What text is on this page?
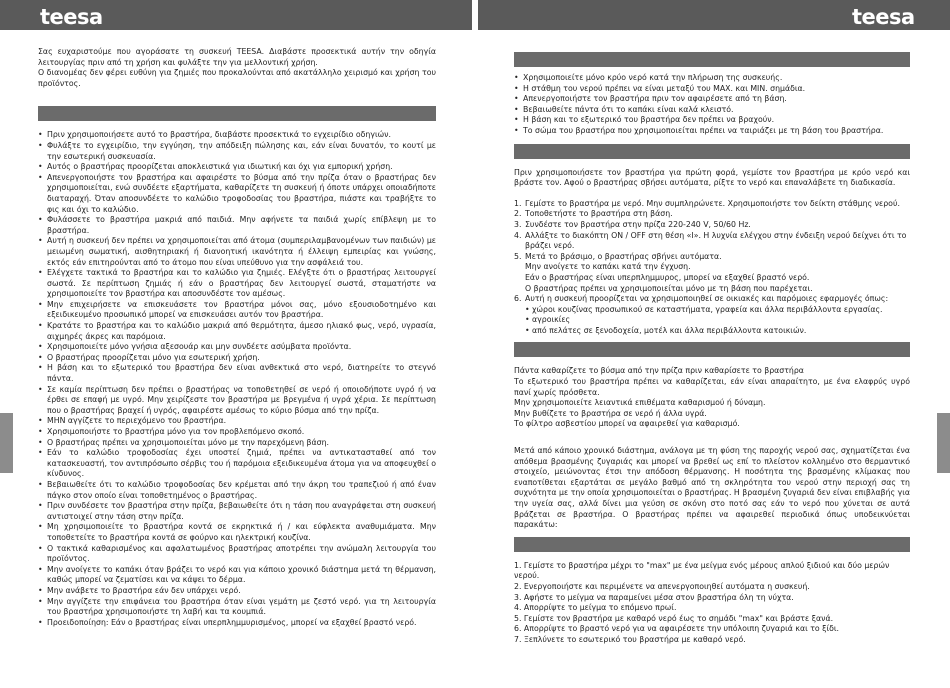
teesa	teesa

Σας ευχαριστούμε που αγοράσατε τη συσκευή TEESA. Διαβάστε προσεκτικά αυτήν την οδηγία λειτουργίας πριν από τη χρήση και φυλάξτε την για μελλοντική χρήση.

Ο διανομέας δεν φέρει ευθύνη για ζημιές που προκαλούνται από ακατάλληλο χειρισμό και χρήση του προϊόντος.

• Πριν χρησιμοποιήσετε αυτό το βραστήρα, διαβάστε προσεκτικά το εγχειρίδιο οδηγιών.
• Φυλάξτε το εγχειρίδιο, την εγγύηση, την απόδειξη πώλησης και, εάν είναι δυνατόν, το κουτί με την εσωτερική συσκευασία.
• Αυτός ο βραστήρας προορίζεται αποκλειστικά για ιδιωτική και όχι για εμπορική χρήση.
• Απενεργοποιήστε τον βραστήρα και αφαιρέστε το βύσμα από την πρίζα όταν ο βραστήρας δεν χρησιμοποιείται, ενώ συνδέετε εξαρτήματα, καθαρίζετε τη συσκευή ή όποτε υπάρχει οποιαδήποτε διαταραχή. Όταν αποσυνδέετε το καλώδιο τροφοδοσίας του βραστήρα, πιάστε και τραβήξτε το φις και όχι το καλώδιο.
• Φυλάσσετε το βραστήρα μακριά από παιδιά. Μην αφήνετε τα παιδιά χωρίς επίβλεψη με το βραστήρα.
• Αυτή η συσκευή δεν πρέπει να χρησιμοποιείται από άτομα (συμπεριλαμβανομένων των παιδιών) με μειωμένη σωματική, αισθητηριακή ή διανοητική ικανότητα ή έλλειψη εμπειρίας και γνώσης, εκτός εάν επιτηρούνται από το άτομο που είναι υπεύθυνο για την ασφάλειά του.
• Ελέγχετε τακτικά το βραστήρα και το καλώδιο για ζημιές. Ελέγξτε ότι ο βραστήρας λειτουργεί σωστά. Σε περίπτωση ζημιάς ή εάν ο βραστήρας δεν λειτουργεί σωστά, σταματήστε να χρησιμοποιείτε τον βραστήρα και αποσυνδέστε τον αμέσως.
• Μην επιχειρήσετε να επισκευάσετε τον βραστήρα μόνοι σας, μόνο εξουσιοδοτημένο και εξειδικευμένο προσωπικό μπορεί να επισκευάσει αυτόν τον βραστήρα.
• Κρατάτε το βραστήρα και το καλώδιο μακριά από θερμότητα, άμεσο ηλιακό φως, νερό, υγρασία, αιχμηρές άκρες και παρόμοια.
• Χρησιμοποιείτε μόνο γνήσια αξεσουάρ και μην συνδέετε ασύμβατα προϊόντα.
• Ο βραστήρας προορίζεται μόνο για εσωτερική χρήση.
• Η βάση και το εξωτερικό του βραστήρα δεν είναι ανθεκτικά στο νερό, διατηρείτε το στεγνό πάντα.
• Σε καμία περίπτωση δεν πρέπει ο βραστήρας να τοποθετηθεί σε νερό ή οποιοδήποτε υγρό ή να έρθει σε επαφή με υγρό. Μην χειρίζεστε τον βραστήρα με βρεγμένα ή υγρά χέρια. Σε περίπτωση που ο βραστήρας βραχεί ή υγρός, αφαιρέστε αμέσως το κύριο βύσμα από την πρίζα.
• ΜΗΝ αγγίζετε το περιεχόμενο του βραστήρα.
• Χρησιμοποιήστε το βραστήρα μόνο για τον προβλεπόμενο σκοπό.
• Ο βραστήρας πρέπει να χρησιμοποιείται μόνο με την παρεχόμενη βάση.
• Εάν το καλώδιο τροφοδοσίας έχει υποστεί ζημιά, πρέπει να αντικατασταθεί από τον κατασκευαστή, τον αντιπρόσωπο σέρβις του ή παρόμοια εξειδικευμένα άτομα για να αποφευχθεί ο κίνδυνος.
• Βεβαιωθείτε ότι το καλώδιο τροφοδοσίας δεν κρέμεται από την άκρη του τραπεζιού ή από έναν πάγκο στον οποίο είναι τοποθετημένος ο βραστήρας.
• Πριν συνδέσετε τον βραστήρα στην πρίζα, βεβαιωθείτε ότι η τάση που αναγράφεται στη συσκευή αντιστοιχεί στην τάση στην πρίζα.
• Μη χρησιμοποιείτε το βραστήρα κοντά σε εκρηκτικά ή / και εύφλεκτα αναθυμιάματα. Μην τοποθετείτε το βραστήρα κοντά σε φούρνο και ηλεκτρική κουζίνα.
• Ο τακτικά καθαρισμένος και αφαλατωμένος βραστήρας αποτρέπει την ανώμαλη λειτουργία του προϊόντος.
• Μην ανοίγετε το καπάκι όταν βράζει το νερό και για κάποιο χρονικό διάστημα μετά τη θέρμανση, καθώς μπορεί να ζεματίσει και να κάψει το δέρμα.
• Μην ανάβετε το βραστήρα εάν δεν υπάρχει νερό.
• Μην αγγίζετε την επιφάνεια του βραστήρα όταν είναι γεμάτη με ζεστό νερό. για τη λειτουργία του βραστήρα χρησιμοποιήστε τη λαβή και τα κουμπιά.
• Προειδοποίηση: Εάν ο βραστήρας είναι υπερπλημμυρισμένος, μπορεί να εξαχθεί βραστό νερό.
• Χρησιμοποιείτε μόνο κρύο νερό κατά την πλήρωση της συσκευής.
• Η στάθμη του νερού πρέπει να είναι μεταξύ του MAX. και MIN. σημάδια.
• Απενεργοποιήστε τον βραστήρα πριν τον αφαιρέσετε από τη βάση.
• Βεβαιωθείτε πάντα ότι το καπάκι είναι καλά κλειστό.
• Η βάση και το εξωτερικό του βραστήρα δεν πρέπει να βραχούν.
• Το σώμα του βραστήρα που χρησιμοποιείται πρέπει να ταιριάζει με τη βάση του βραστήρα.

Πριν χρησιμοποιήσετε τον βραστήρα για πρώτη φορά, γεμίστε τον βραστήρα με κρύο νερό και βράστε τον. Αφού ο βραστήρας σβήσει αυτόματα, ρίξτε το νερό και επαναλάβετε τη διαδικασία.

1. Γεμίστε το βραστήρα με νερό. Μην συμπληρώνετε. Χρησιμοποιήστε τον δείκτη στάθμης νερού.
2. Τοποθετήστε το βραστήρα στη βάση.
3. Συνδέστε τον βραστήρα στην πρίζα 220-240 V, 50/60 Hz.
4. Αλλάξτε το διακόπτη ON / OFF στη θέση «I». Η λυχνία ελέγχου στην ένδειξη νερού δείχνει ότι το βράζει νερό.
5. Μετά το βράσιμο, ο βραστήρας σβήνει αυτόματα.
Μην ανοίγετε το καπάκι κατά την έγχυση.
Εάν ο βραστήρας είναι υπερπλημμυρος, μπορεί να εξαχθεί βραστό νερό.
Ο βραστήρας πρέπει να χρησιμοποιείται μόνο με τη βάση που παρέχεται.
6. Αυτή η συσκευή προορίζεται να χρησιμοποιηθεί σε οικιακές και παρόμοιες εφαρμογές όπως:
• χώροι κουζίνας προσωπικού σε καταστήματα, γραφεία και άλλα περιβάλλοντα εργασίας.
• αγροικίες
• από πελάτες σε ξενοδοχεία, μοτέλ και άλλα περιβάλλοντα κατοικιών.
Πάντα καθαρίζετε το βύσμα από την πρίζα πριν καθαρίσετε το βραστήρα
Το εξωτερικό του βραστήρα πρέπει να καθαρίζεται, εάν είναι απαραίτητο, με ένα ελαφρύς υγρό πανί χωρίς πρόσθετα.
Μην χρησιμοποιείτε λειαντικά επιθέματα καθαρισμού ή δύναμη.
Μην βυθίζετε το βραστήρα σε νερό ή άλλα υγρά.
Το φίλτρο ασβεστίου μπορεί να αφαιρεθεί για καθαρισμό.

Μετά από κάποιο χρονικό διάστημα, ανάλογα με τη φύση της παροχής νερού σας, σχηματίζεται ένα απόθεμα βρασμένης ζυγαριάς και μπορεί να βρεθεί ως επί το πλείστον κολλημένο στο θερμαντικό στοιχείο, μειώνοντας έτσι την απόδοση θέρμανσης. Η ποσότητα της βρασμένης κλίμακας που εναποτίθεται εξαρτάται σε μεγάλο βαθμό από τη σκληρότητα του νερού στην περιοχή σας τη συχνότητα με την οποία χρησιμοποιείται ο βραστήρας. Η βρασμένη ζυγαριά δεν είναι επιβλαβής για την υγεία σας, αλλά δίνει μια γεύση σε σκόνη στο ποτό σας εάν το νερό που χύνεται σε αυτά βράζεται σε βραστήρα. Ο βραστήρας πρέπει να αφαιρεθεί περιοδικά όπως υποδεικνύεται παρακάτω:

1. Γεμίστε το βραστήρα μέχρι το "max" με ένα μείγμα ενός μέρους απλού ξιδιού και δύο μερών νερού.
2. Ενεργοποιήστε και περιμένετε να απενεργοποιηθεί αυτόματα η συσκευή.
3. Αφήστε το μείγμα να παραμείνει μέσα στον βραστήρα όλη τη νύχτα.
4. Απορρίψτε το μείγμα το επόμενο πρωί.
5. Γεμίστε τον βραστήρα με καθαρό νερό έως το σημάδι "max" και βράστε ξανά.
6. Απορρίψτε το βραστό νερό για να αφαιρέσετε την υπόλοιπη ζυγαριά και το ξίδι.
7. Ξεπλύνετε το εσωτερικό του βραστήρα με καθαρό νερό.
